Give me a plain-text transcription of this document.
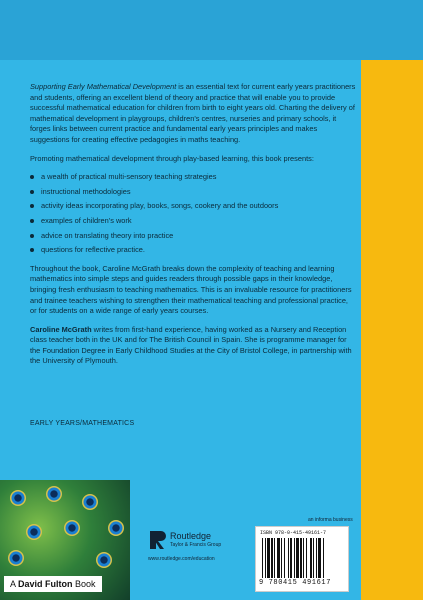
Supporting Early Mathematical Development is an essential text for current early years practitioners and students, offering an excellent blend of theory and practice that will enable you to provide successful mathematical education for children from birth to eight years old. Charting the delivery of mathematical development in playgroups, children's centres, nurseries and primary schools, it forges links between current practice and fundamental early years principles and makes suggestions for creating effective pedagogies in maths teaching.

Promoting mathematical development through play-based learning, this book presents:

a wealth of practical multi-sensory teaching strategies
instructional methodologies
activity ideas incorporating play, books, songs, cookery and the outdoors
examples of children's work
advice on translating theory into practice
questions for reflective practice.

Throughout the book, Caroline McGrath breaks down the complexity of teaching and learning mathematics into simple steps and guides readers through possible gaps in their knowledge, bringing fresh enthusiasm to teaching mathematics. This is an invaluable resource for practitioners and trainee teachers wishing to strengthen their mathematical teaching and professional practice, or for students on a wide range of early years courses.

Caroline McGrath writes from first-hand experience, having worked as a Nursery and Reception class teacher both in the UK and for The British Council in Spain. She is programme manager for the Foundation Degree in Early Childhood Studies at the City of Bristol College, in partnership with the University of Plymouth.

EARLY YEARS/MATHEMATICS
A David Fulton Book
Routledge
Taylor & Francis Group
www.routledge.com/education
an informa business
ISBN 978-0-415-49161-7
9 780415 491617
